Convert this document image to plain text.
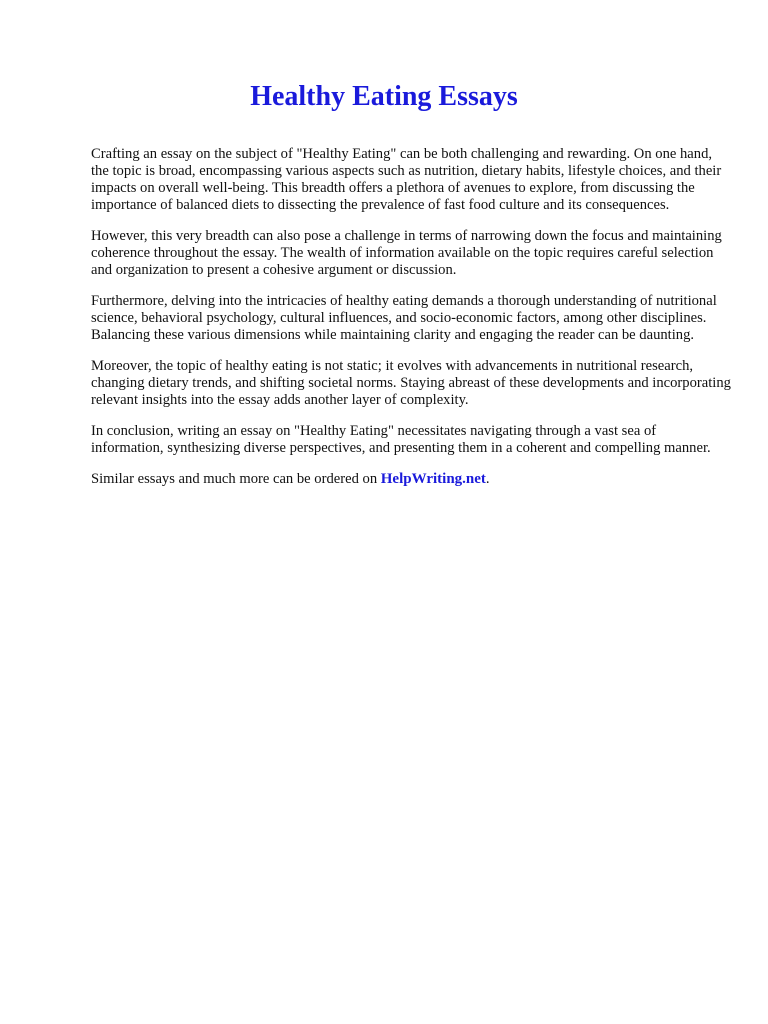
Healthy Eating Essays

Crafting an essay on the subject of "Healthy Eating" can be both challenging and rewarding. On one hand, the topic is broad, encompassing various aspects such as nutrition, dietary habits, lifestyle choices, and their impacts on overall well-being. This breadth offers a plethora of avenues to explore, from discussing the importance of balanced diets to dissecting the prevalence of fast food culture and its consequences.

However, this very breadth can also pose a challenge in terms of narrowing down the focus and maintaining coherence throughout the essay. The wealth of information available on the topic requires careful selection and organization to present a cohesive argument or discussion.

Furthermore, delving into the intricacies of healthy eating demands a thorough understanding of nutritional science, behavioral psychology, cultural influences, and socio-economic factors, among other disciplines. Balancing these various dimensions while maintaining clarity and engaging the reader can be daunting.

Moreover, the topic of healthy eating is not static; it evolves with advancements in nutritional research, changing dietary trends, and shifting societal norms. Staying abreast of these developments and incorporating relevant insights into the essay adds another layer of complexity.

In conclusion, writing an essay on "Healthy Eating" necessitates navigating through a vast sea of information, synthesizing diverse perspectives, and presenting them in a coherent and compelling manner.

Similar essays and much more can be ordered on HelpWriting.net.
